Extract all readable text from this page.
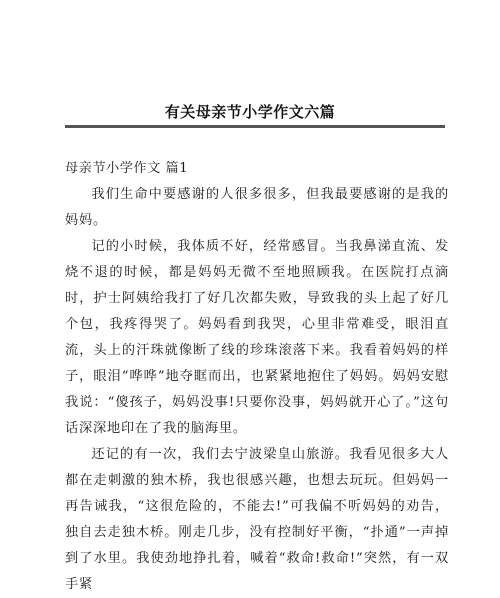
有关母亲节小学作文六篇

母亲节小学作文 篇1

我们生命中要感谢的人很多很多，但我最要感谢的是我的妈妈。

记的小时候，我体质不好，经常感冒。当我鼻涕直流、发烧不退的时候，都是妈妈无微不至地照顾我。在医院打点滴时，护士阿姨给我打了好几次都失败，导致我的头上起了好几个包，我疼得哭了。妈妈看到我哭，心里非常难受，眼泪直流，头上的汗珠就像断了线的珍珠滚落下来。我看着妈妈的样子，眼泪“哗哗”地夺眶而出，也紧紧地抱住了妈妈。妈妈安慰我说：“傻孩子，妈妈没事!只要你没事，妈妈就开心了。”这句话深深地印在了我的脑海里。

还记的有一次，我们去宁波梁皇山旅游。我看见很多大人都在走刺激的独木桥，我也很感兴趣，也想去玩玩。但妈妈一再告诫我，“这很危险的，不能去!”可我偏不听妈妈的劝告，独自去走独木桥。刚走几步，没有控制好平衡，“扑通”一声掉到了水里。我使劲地挣扎着，喊着“救命!救命!”突然，有一双手紧
